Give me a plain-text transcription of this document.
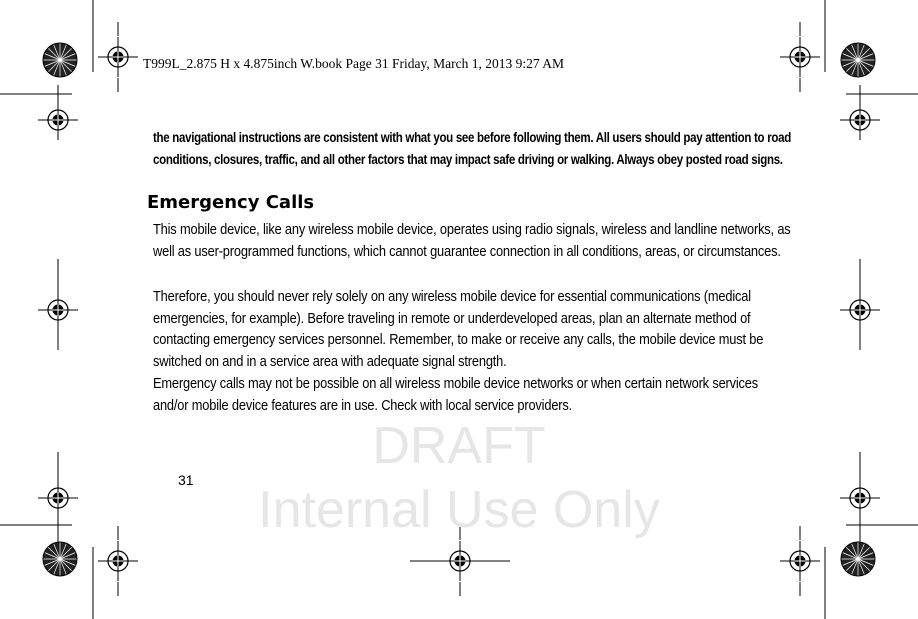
DRAFT
Internal Use Only
T999L_2.875 H x 4.875inch W.book Page 31 Friday, March 1, 2013 9:27 AM
the navigational instructions are consistent with what you see before following them. All users should pay attention to road conditions, closures, traffic, and all other factors that may impact safe driving or walking. Always obey posted road signs.
Emergency Calls
This mobile device, like any wireless mobile device, operates using radio signals, wireless and landline networks, as well as user-programmed functions, which cannot guarantee connection in all conditions, areas, or circumstances.
Therefore, you should never rely solely on any wireless mobile device for essential communications (medical emergencies, for example). Before traveling in remote or underdeveloped areas, plan an alternate method of contacting emergency services personnel. Remember, to make or receive any calls, the mobile device must be switched on and in a service area with adequate signal strength.
Emergency calls may not be possible on all wireless mobile device networks or when certain network services and/or mobile device features are in use. Check with local service providers.
31
